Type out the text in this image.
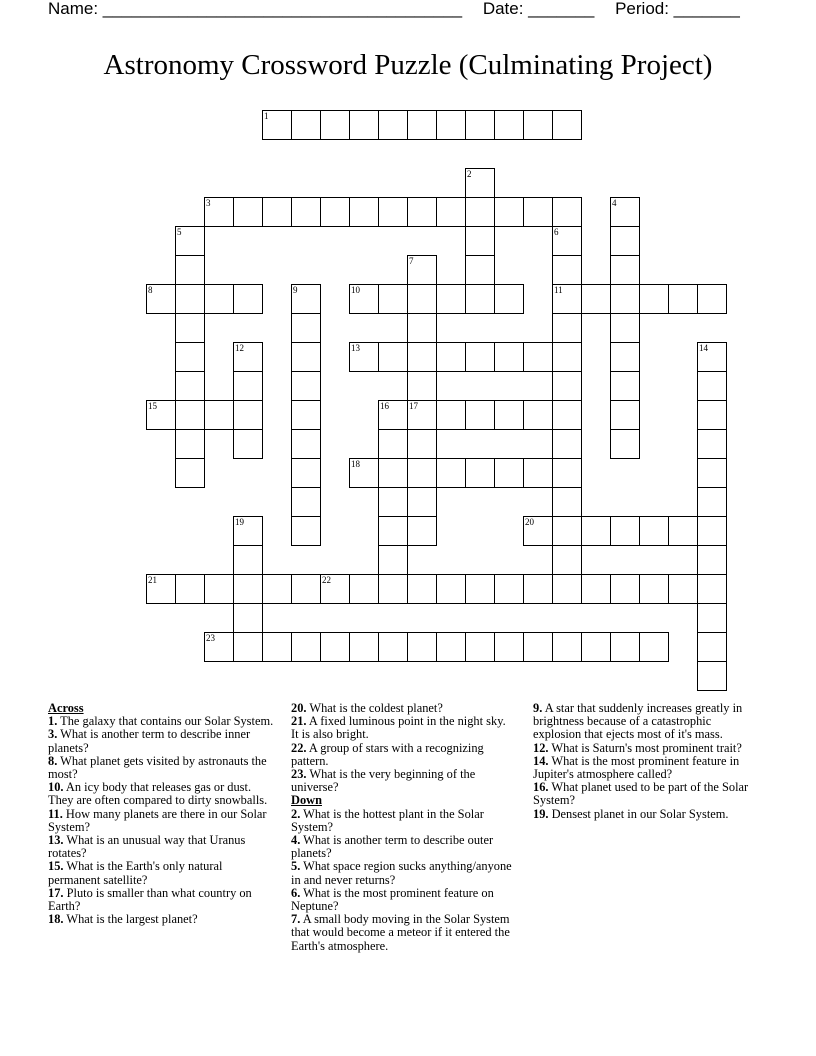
Name: ______________________________________ Date: _______ Period: _______
Astronomy Crossword Puzzle (Culminating Project)
1
2
3	4
5	6
11
7
17
8	9	10
12	13	14
15	16
18
19	20
21	22
23
Across
1. The galaxy that contains our Solar System.
3. What is another term to describe inner planets?
8. What planet gets visited by astronauts the most?
10. An icy body that releases gas or dust. They are often compared to dirty snowballs.
11. How many planets are there in our Solar System?
13. What is an unusual way that Uranus rotates?
15. What is the Earth's only natural permanent satellite?
17. Pluto is smaller than what country on Earth?
18. What is the largest planet?
20. What is the coldest planet?
21. A fixed luminous point in the night sky. It is also bright.
22. A group of stars with a recognizing pattern.
23. What is the very beginning of the universe?
Down
2. What is the hottest plant in the Solar System?
4. What is another term to describe outer planets?
5. What space region sucks anything/anyone in and never returns?
6. What is the most prominent feature on Neptune?
7. A small body moving in the Solar System that would become a meteor if it entered the Earth's atmosphere.
9. A star that suddenly increases greatly in brightness because of a catastrophic explosion that ejects most of it's mass.
12. What is Saturn's most prominent trait?
14. What is the most prominent feature in Jupiter's atmosphere called?
16. What planet used to be part of the Solar System?
19. Densest planet in our Solar System.
